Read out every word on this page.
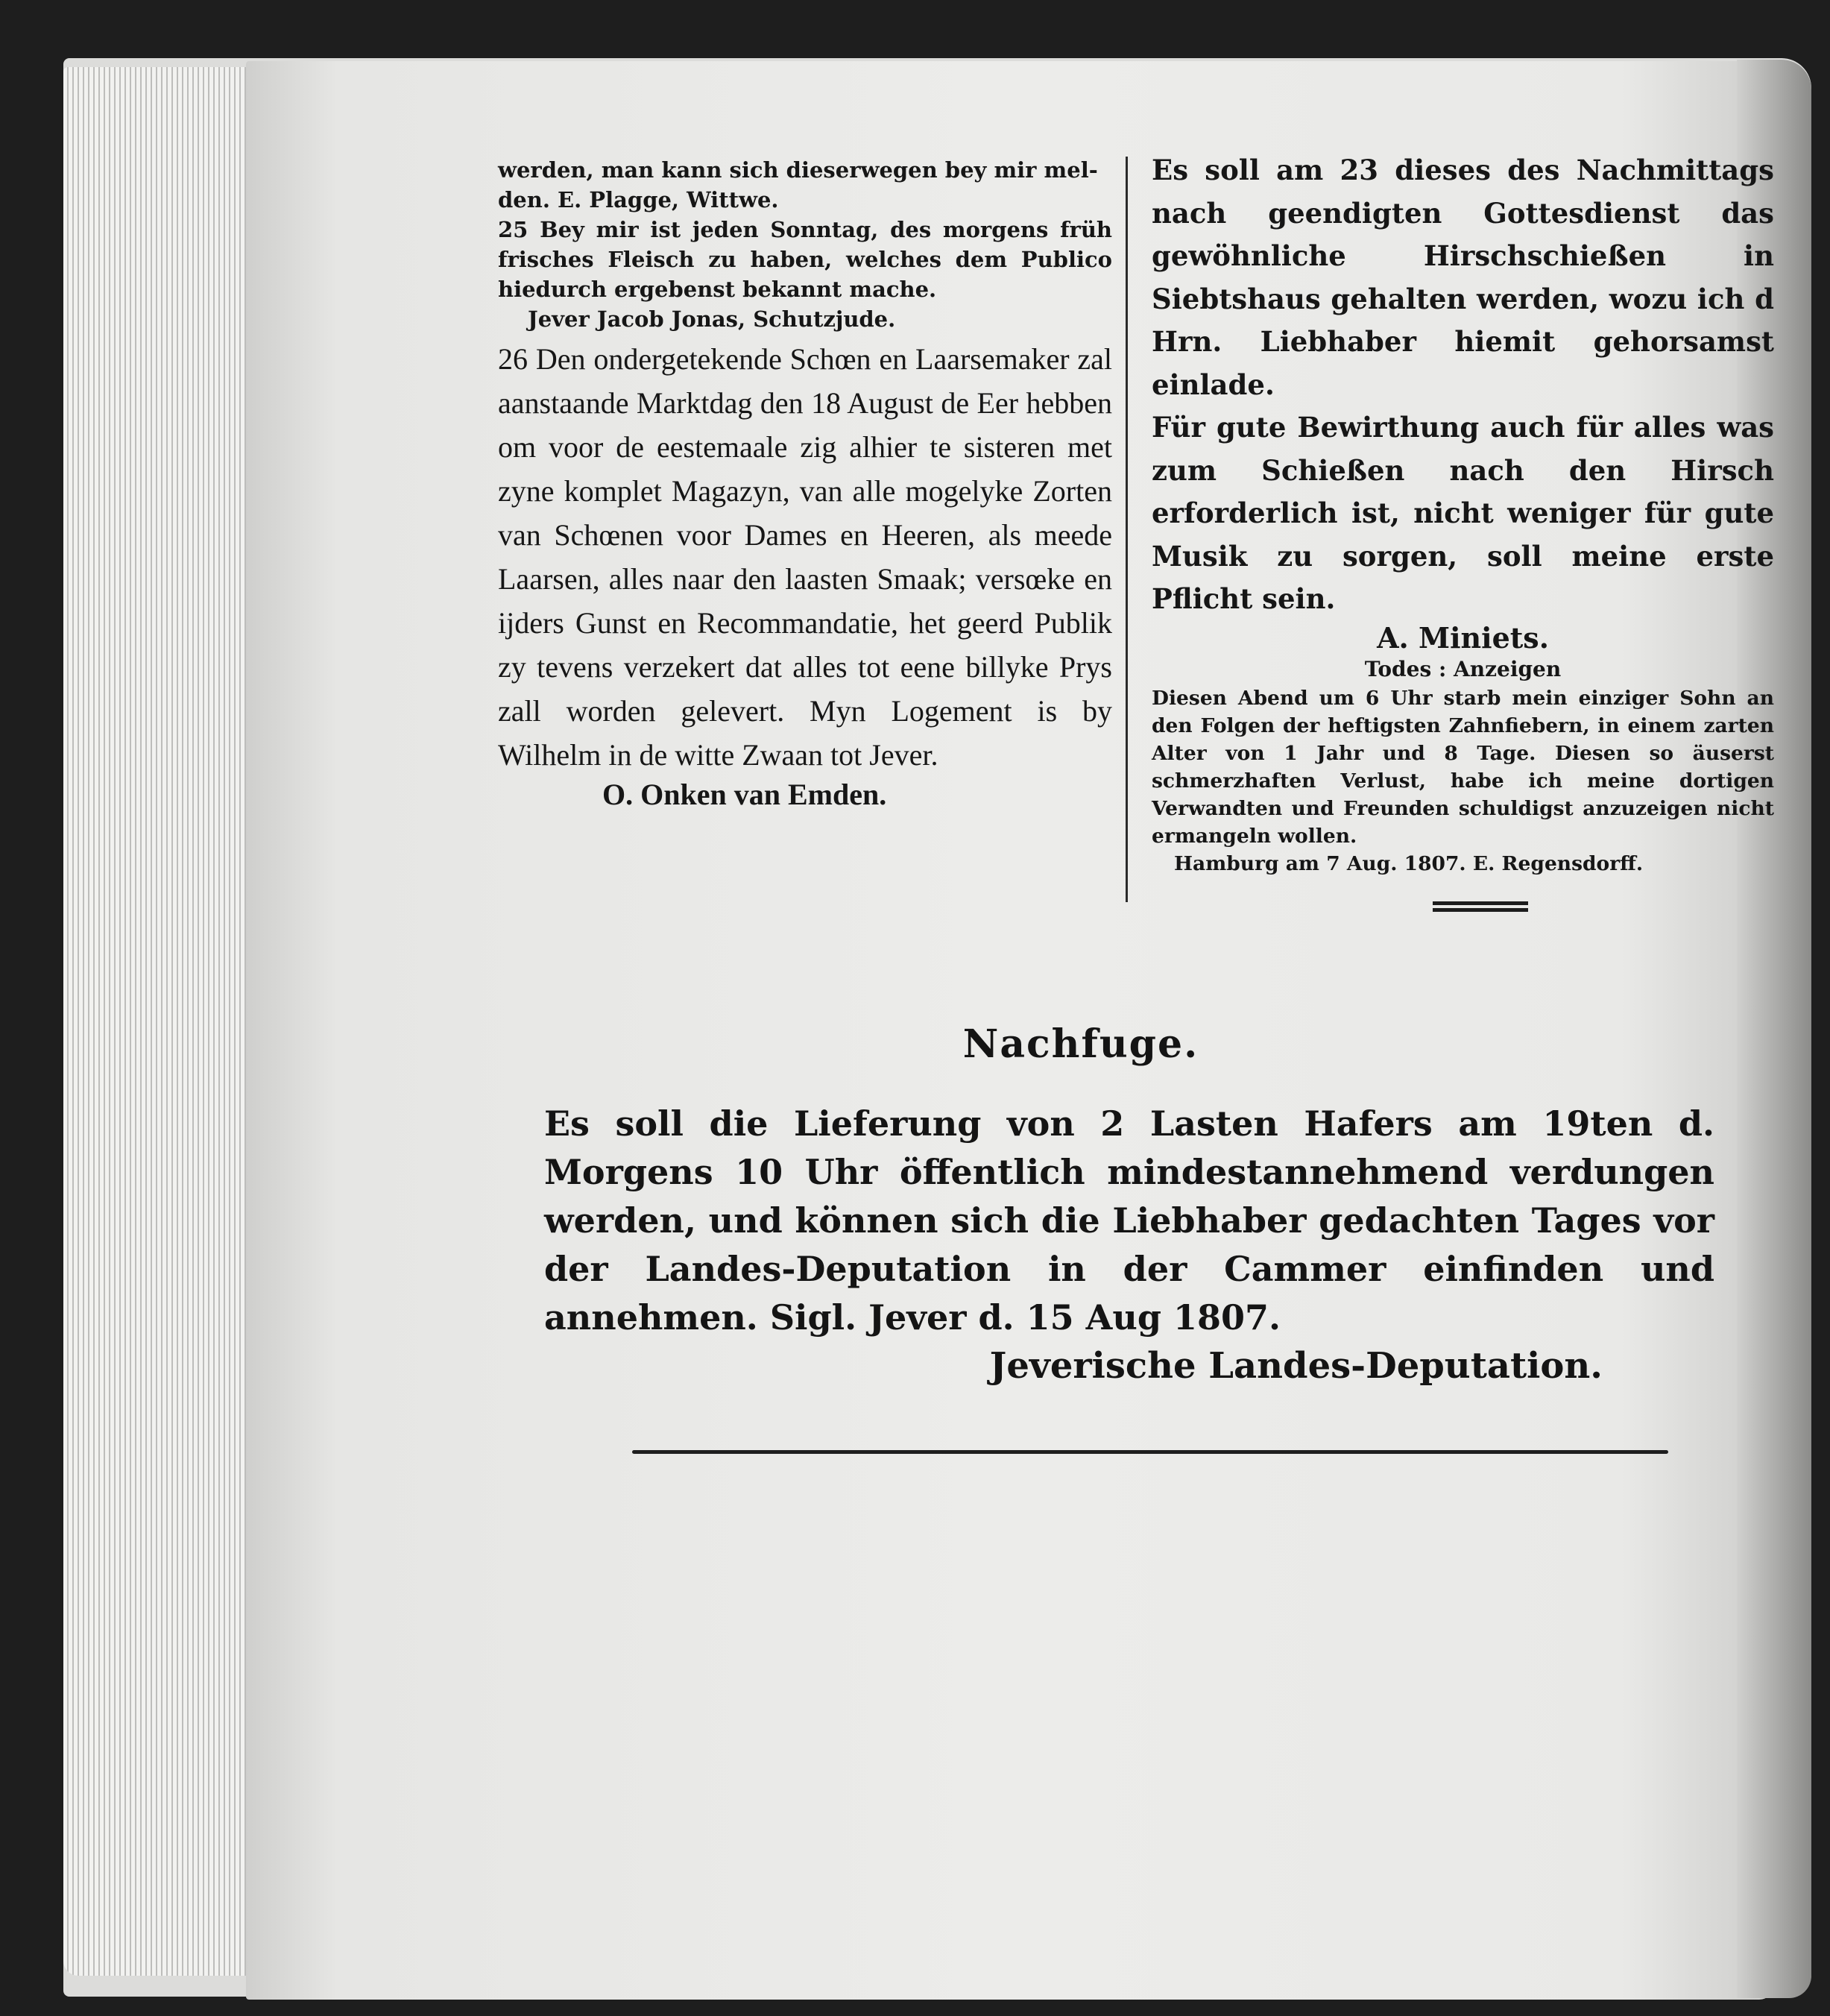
werden, man kann sich dieserwegen bey mir mel-

den. E. Plagge, Wittwe.

25 Bey mir ist jeden Sonntag, des morgens früh frisches Fleisch zu haben, welches dem Publico hiedurch ergebenst bekannt mache.

Jever Jacob Jonas, Schutzjude.

26 Den ondergetekende Schœn en Laarsemaker zal aanstaande Marktdag den 18 August de Eer hebben om voor de eestemaale zig alhier te sisteren met zyne komplet Magazyn, van alle mogelyke Zorten van Schœnen voor Dames en Heeren, als meede Laarsen, alles naar den laasten Smaak; versœke en ijders Gunst en Recommandatie, het geerd Publik zy tevens verzekert dat alles tot eene billyke Prys zall worden gelevert. Myn Logement is by Wilhelm in de witte Zwaan tot Jever.

O. Onken van Emden.

Es soll am 23 dieses des Nachmittags nach geendigten Gottesdienst das gewöhnliche Hirschschießen in Siebtshaus gehalten werden, wozu ich d Hrn. Liebhaber hiemit gehorsamst einlade.

Für gute Bewirthung auch für alles was zum Schießen nach den Hirsch erforderlich ist, nicht weniger für gute Musik zu sorgen, soll meine erste Pflicht sein.

A. Miniets.

Todes : Anzeigen

Diesen Abend um 6 Uhr starb mein einziger Sohn an den Folgen der heftigsten Zahnfiebern, in einem zarten Alter von 1 Jahr und 8 Tage. Diesen so äuserst schmerzhaften Verlust, habe ich meine dortigen Verwandten und Freunden schuldigst anzuzeigen nicht ermangeln wollen.

Hamburg am 7 Aug. 1807. E. Regensdorff.

Nachfuge.

Es soll die Lieferung von 2 Lasten Hafers am 19ten d. Morgens 10 Uhr öffentlich mindestannehmend verdungen werden, und können sich die Liebhaber gedachten Tages vor der Landes-Deputation in der Cammer einfinden und annehmen. Sigl. Jever d. 15 Aug 1807.

Jeverische Landes-Deputation.
